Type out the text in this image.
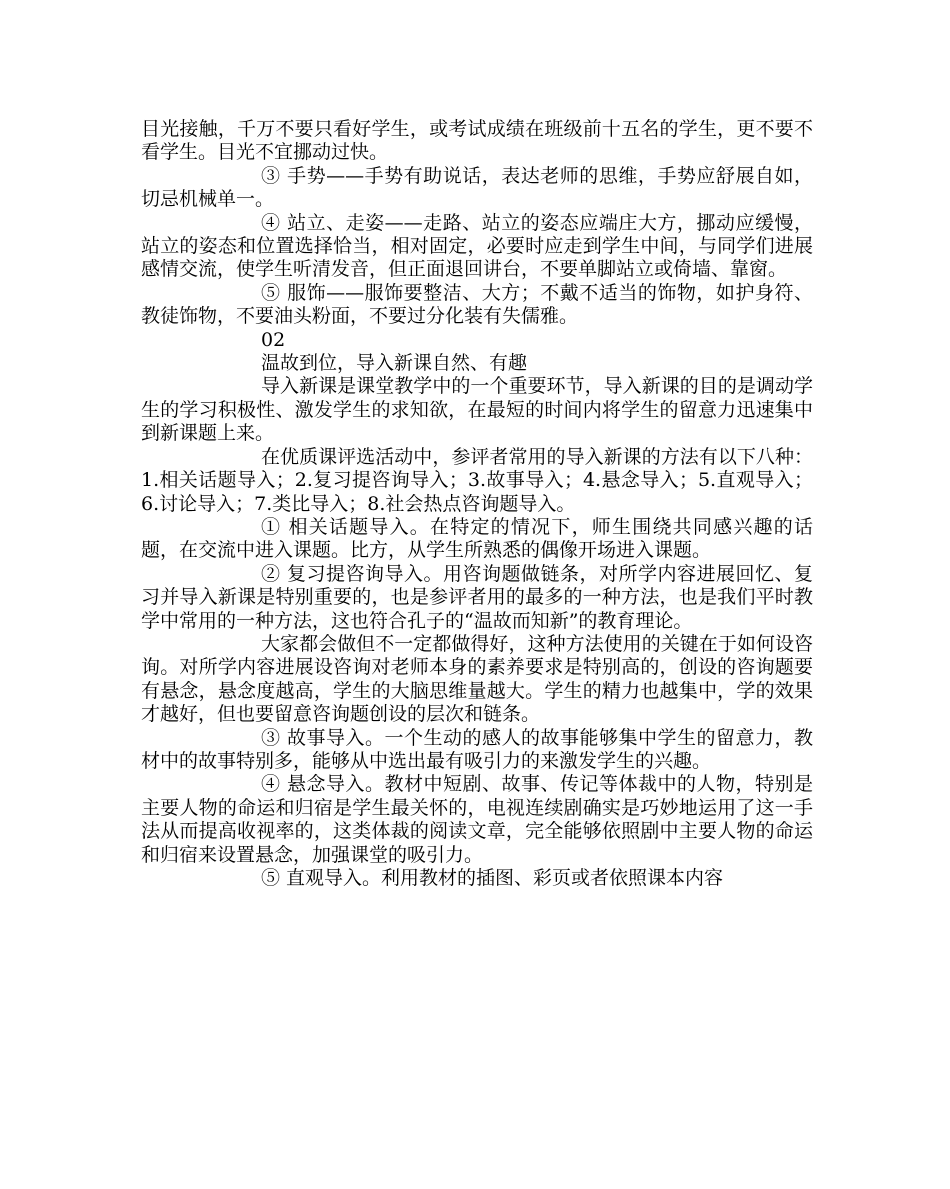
目光接触，千万不要只看好学生，或考试成绩在班级前十五名的学生，更不要不看学生。目光不宜挪动过快。

③ 手势——手势有助说话，表达老师的思维，手势应舒展自如，切忌机械单一。

④ 站立、走姿——走路、站立的姿态应端庄大方，挪动应缓慢，站立的姿态和位置选择恰当，相对固定，必要时应走到学生中间，与同学们进展感情交流，使学生听清发音，但正面退回讲台，不要单脚站立或倚墙、靠窗。

⑤ 服饰——服饰要整洁、大方；不戴不适当的饰物，如护身符、教徒饰物，不要油头粉面，不要过分化装有失儒雅。

02

温故到位，导入新课自然、有趣

导入新课是课堂教学中的一个重要环节，导入新课的目的是调动学生的学习积极性、激发学生的求知欲，在最短的时间内将学生的留意力迅速集中到新课题上来。

在优质课评选活动中，参评者常用的导入新课的方法有以下八种：1.相关话题导入；2.复习提咨询导入；3.故事导入；4.悬念导入；5.直观导入；6.讨论导入；7.类比导入；8.社会热点咨询题导入。

① 相关话题导入。在特定的情况下，师生围绕共同感兴趣的话题，在交流中进入课题。比方，从学生所熟悉的偶像开场进入课题。

② 复习提咨询导入。用咨询题做链条，对所学内容进展回忆、复习并导入新课是特别重要的，也是参评者用的最多的一种方法，也是我们平时教学中常用的一种方法，这也符合孔子的“温故而知新”的教育理论。

大家都会做但不一定都做得好，这种方法使用的关键在于如何设咨询。对所学内容进展设咨询对老师本身的素养要求是特别高的，创设的咨询题要有悬念，悬念度越高，学生的大脑思维量越大。学生的精力也越集中，学的效果才越好，但也要留意咨询题创设的层次和链条。

③ 故事导入。一个生动的感人的故事能够集中学生的留意力，教材中的故事特别多，能够从中选出最有吸引力的来激发学生的兴趣。

④ 悬念导入。教材中短剧、故事、传记等体裁中的人物，特别是主要人物的命运和归宿是学生最关怀的，电视连续剧确实是巧妙地运用了这一手法从而提高收视率的，这类体裁的阅读文章，完全能够依照剧中主要人物的命运和归宿来设置悬念，加强课堂的吸引力。

⑤ 直观导入。利用教材的插图、彩页或者依照课本内容
